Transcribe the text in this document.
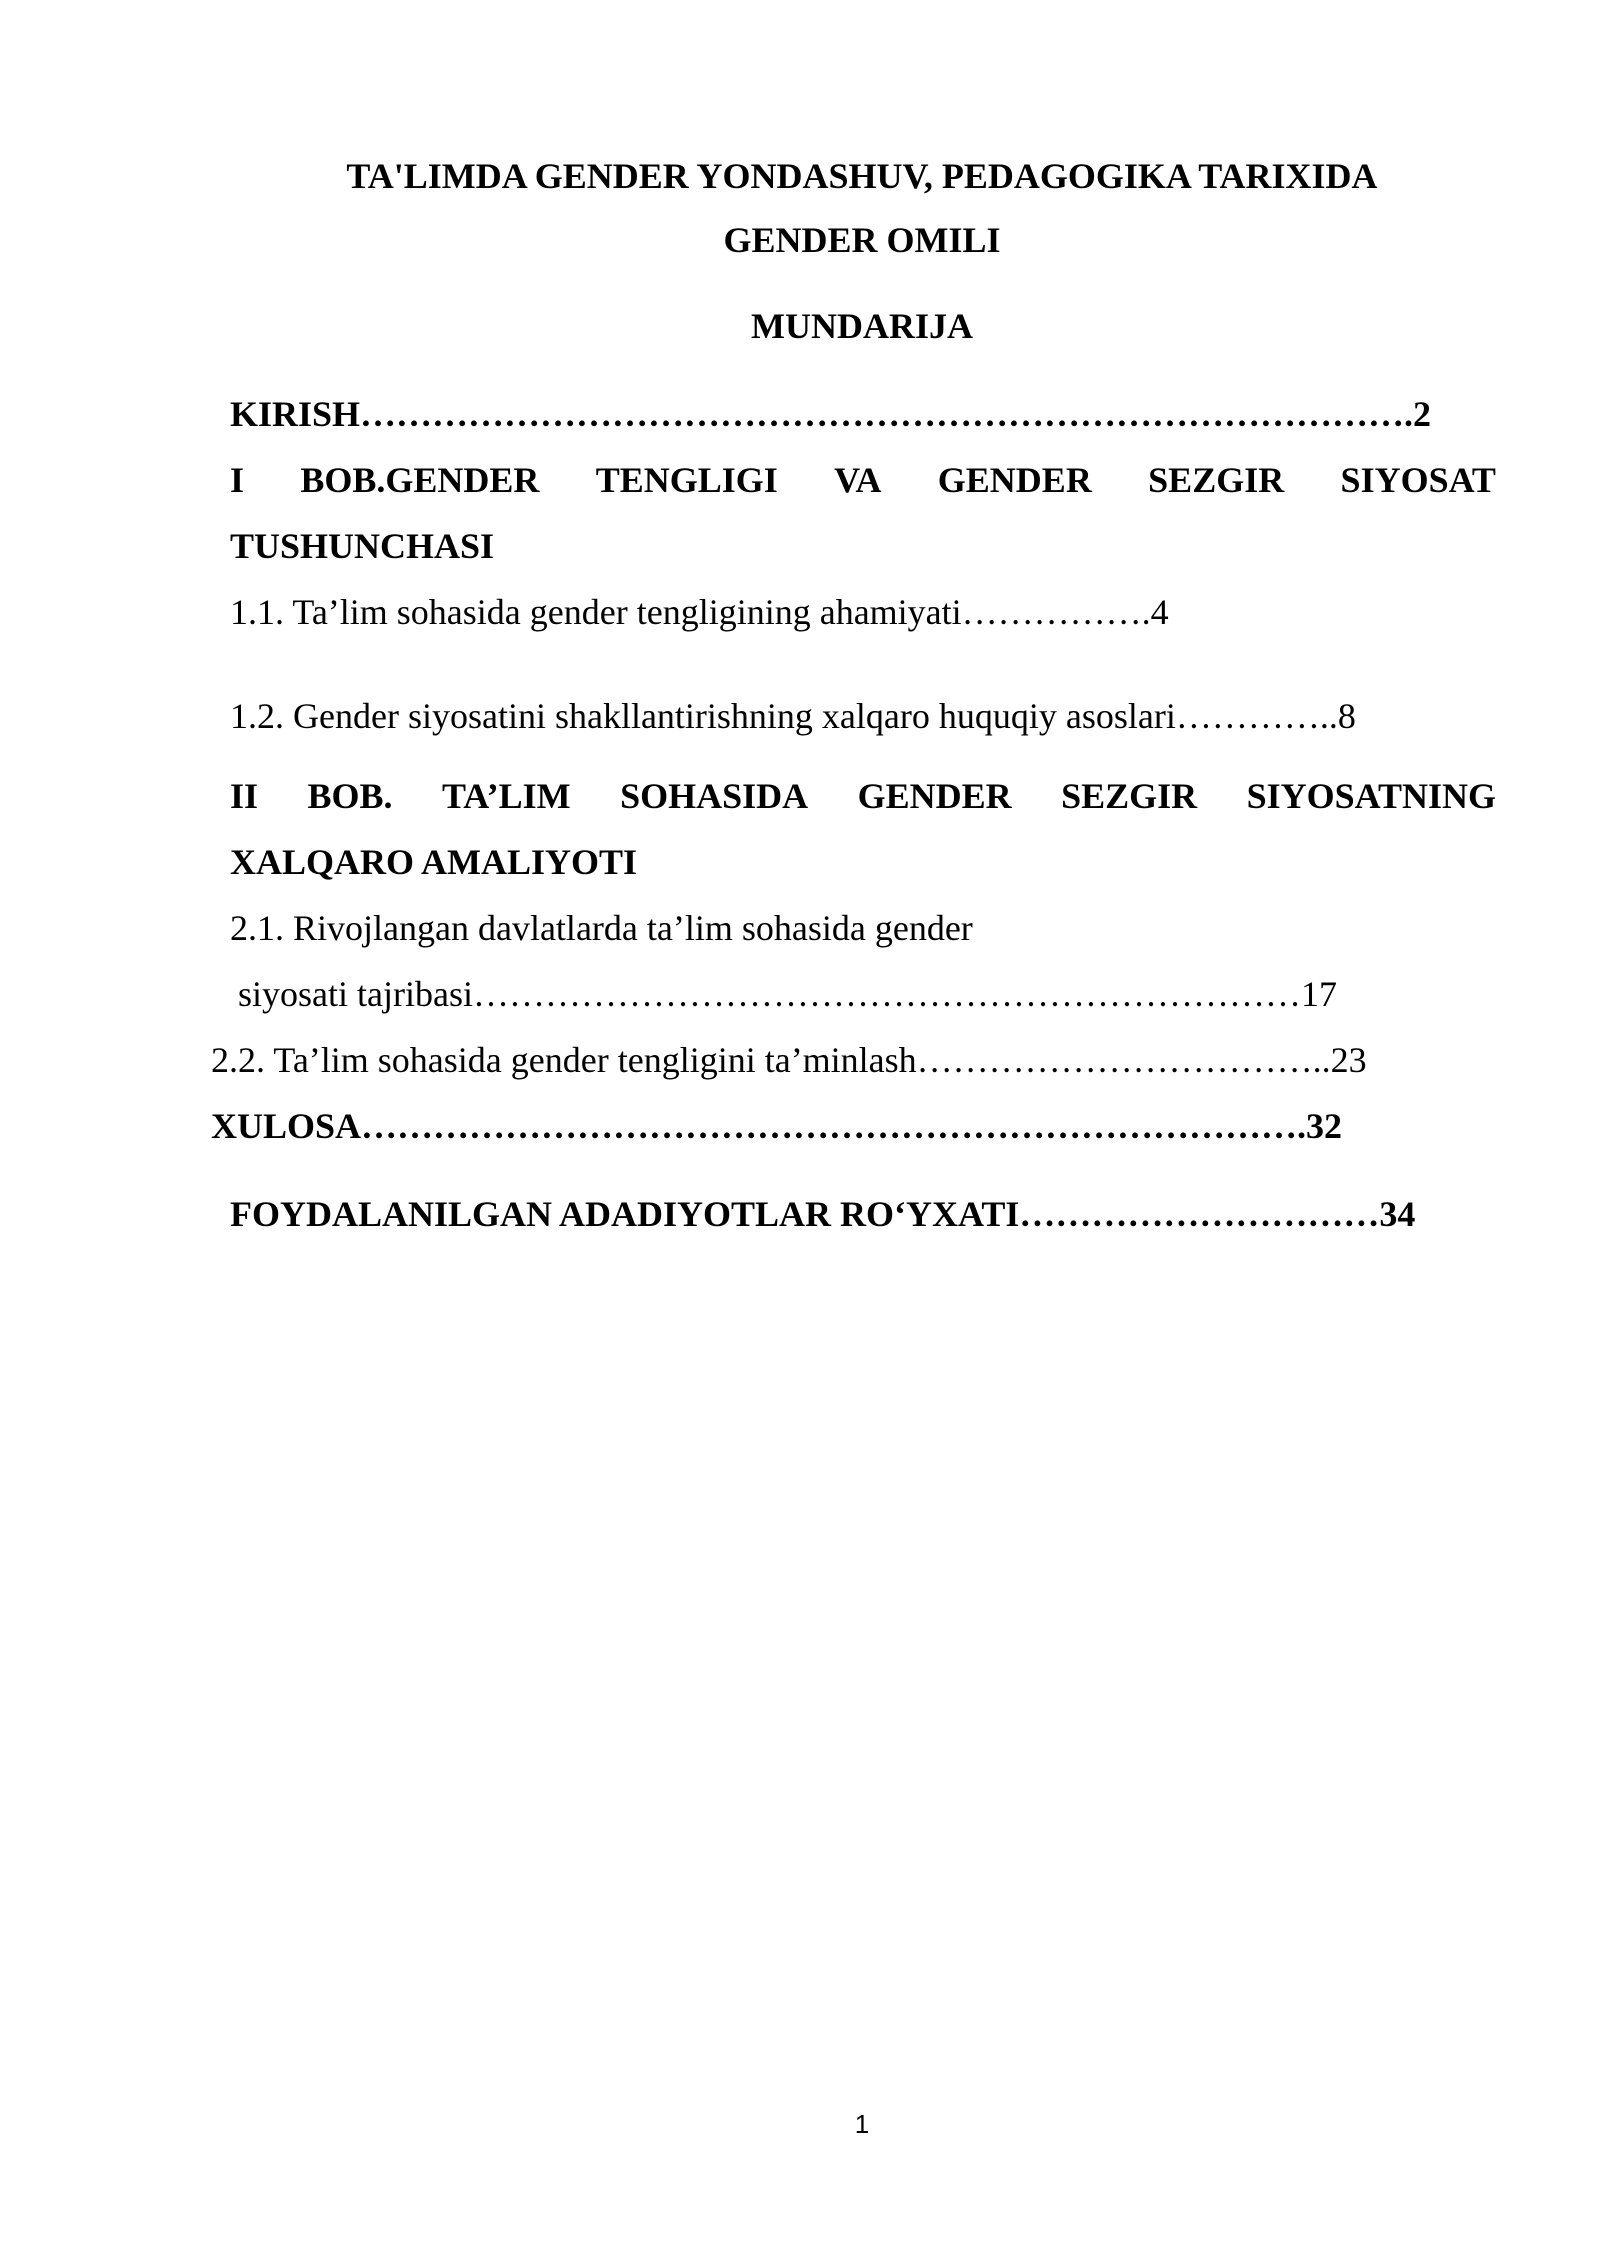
TA'LIMDA GENDER YONDASHUV, PEDAGOGIKA TARIXIDA
GENDER OMILI
MUNDARIJA
KIRISH…………………………………………………………………………….2
I BOB.GENDER TENGLIGI VA GENDER SEZGIR SIYOSAT
TUSHUNCHASI
1.1. Ta’lim sohasida gender tengligining ahamiyati…………….4
1.2. Gender siyosatini shakllantirishning xalqaro huquqiy asoslari…………..8
II BOB. TA’LIM SOHASIDA GENDER SEZGIR SIYOSATNING
XALQARO AMALIYOTI
2.1. Rivojlangan davlatlarda ta’lim sohasida gender
siyosati tajribasi……………………………………………………………17
2.2. Ta’lim sohasida gender tengligini ta’minlash……………………………..23
XULOSA…………………………………………………………………….32
FOYDALANILGAN ADADIYOTLAR RO‘YXATI…………………………34
1
